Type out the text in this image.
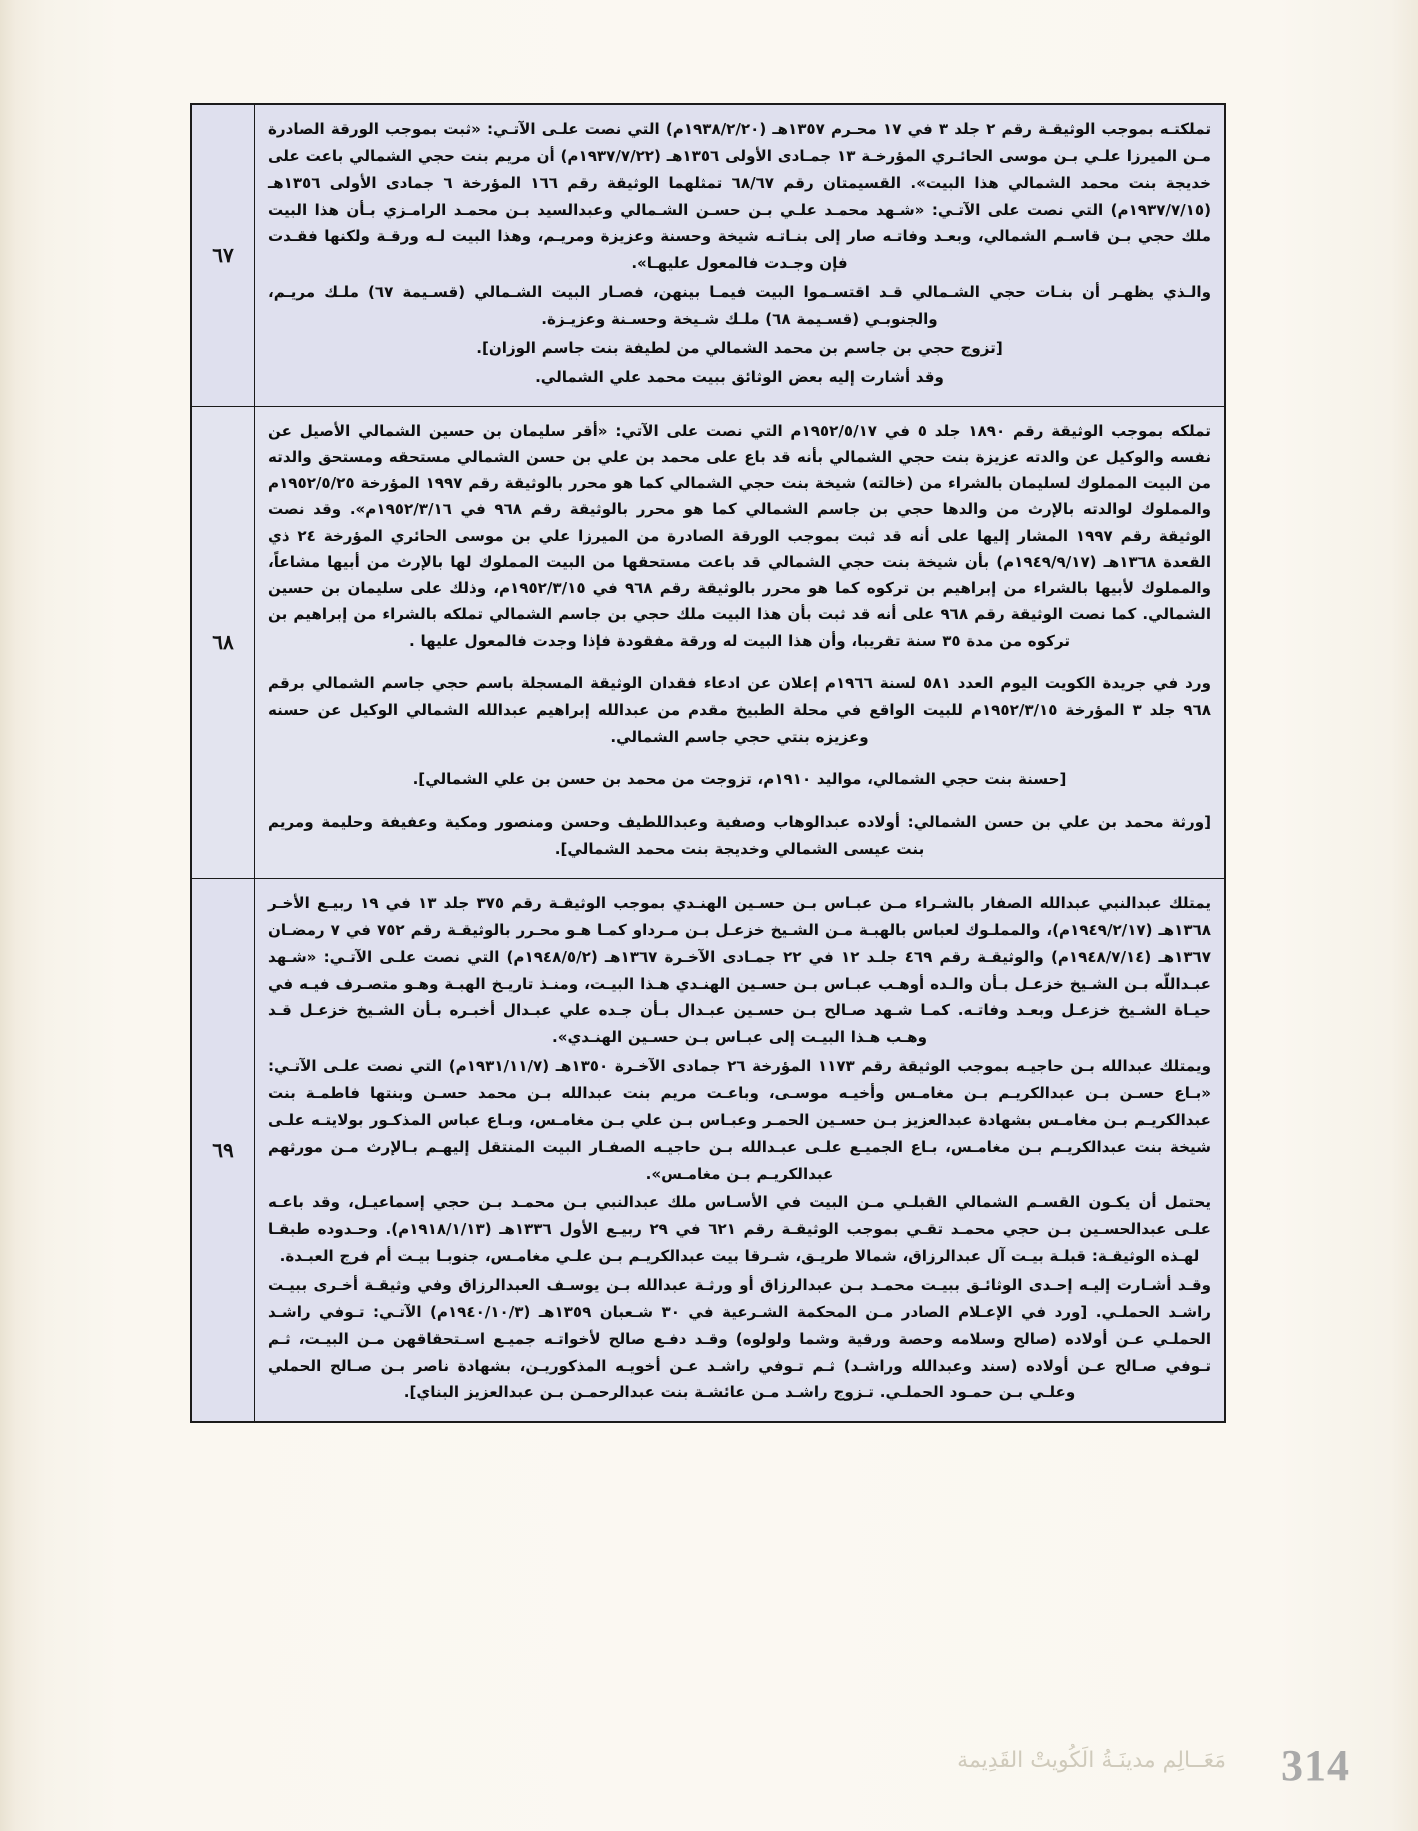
تملكتـه بموجب الوثيقـة رقم ٢ جلد ٣ في ١٧ محـرم ١٣٥٧هـ (١٩٣٨/٢/٢٠م) التي نصت علـى الآتـي: «ثبت بموجب الورقة الصادرة مـن الميرزا علـي بـن موسى الحائـري المؤرخـة ١٣ جمـادى الأولى ١٣٥٦هـ (١٩٣٧/٧/٢٢م) أن مريم بنت حجي الشمالي باعت على خديجة بنت محمد الشمالي هذا البيت». القسيمتان رقم ٦٨/٦٧ تمثلهما الوثيقة رقم ١٦٦ المؤرخة ٦ جمادى الأولى ١٣٥٦هـ (١٩٣٧/٧/١٥م) التي نصت على الآتـي: «شـهد محمـد علـي بـن حسـن الشـمالي وعبدالسيد بـن محمـد الرامـزي بـأن هذا البيت ملك حجي بـن قاسـم الشمالي، وبعـد وفاتـه صار إلى بنـاتـه شيخة وحسنة وعزيزة ومريـم، وهذا البيت لـه ورقـة ولكنها فقـدت فإن وجـدت فالمعول عليهـا».

والـذي يظهـر أن بنـات حجي الشـمالي قـد اقتسـموا البيت فيمـا بينهن، فصـار البيت الشـمالي (قسـيمة ٦٧) ملـك مريـم، والجنوبـي (قسـيمة ٦٨) ملـك شـيخة وحسـنة وعزيـزة.

[تزوج حجي بن جاسم بن محمد الشمالي من لطيفة بنت جاسم الوزان].

وقد أشارت إليه بعض الوثائق ببيت محمد علي الشمالي.	٦٧

تملكه بموجب الوثيقة رقم ١٨٩٠ جلد ٥ في ١٩٥٢/٥/١٧م التي نصت على الآتي: «أقر سليمان بن حسين الشمالي الأصيل عن نفسه والوكيل عن والدته عزيزة بنت حجي الشمالي بأنه قد باع على محمد بن علي بن حسن الشمالي مستحقه ومستحق والدته من البيت المملوك لسليمان بالشراء من (خالته) شيخة بنت حجي الشمالي كما هو محرر بالوثيقة رقم ١٩٩٧ المؤرخة ١٩٥٢/٥/٢٥م والمملوك لوالدته بالإرث من والدها حجي بن جاسم الشمالي كما هو محرر بالوثيقة رقم ٩٦٨ في ١٩٥٢/٣/١٦م». وقد نصت الوثيقة رقم ١٩٩٧ المشار إليها على أنه قد ثبت بموجب الورقة الصادرة من الميرزا علي بن موسى الحائري المؤرخة ٢٤ ذي القعدة ١٣٦٨هـ (١٩٤٩/٩/١٧م) بأن شيخة بنت حجي الشمالي قد باعت مستحقها من البيت المملوك لها بالإرث من أبيها مشاعاً، والمملوك لأبيها بالشراء من إبراهيم بن تركوه كما هو محرر بالوثيقة رقم ٩٦٨ في ١٩٥٢/٣/١٥م، وذلك على سليمان بن حسين الشمالي. كما نصت الوثيقة رقم ٩٦٨ على أنه قد ثبت بأن هذا البيت ملك حجي بن جاسم الشمالي تملكه بالشراء من إبراهيم بن تركوه من مدة ٣٥ سنة تقريبا، وأن هذا البيت له ورقة مفقودة فإذا وجدت فالمعول عليها .

ورد في جريدة الكويت اليوم العدد ٥٨١ لسنة ١٩٦٦م إعلان عن ادعاء فقدان الوثيقة المسجلة باسم حجي جاسم الشمالي برقم ٩٦٨ جلد ٣ المؤرخة ١٩٥٢/٣/١٥م للبيت الواقع في محلة الطبيخ مقدم من عبدالله إبراهيم عبدالله الشمالي الوكيل عن حسنه وعزيزه بنتي حجي جاسم الشمالي.

[حسنة بنت حجي الشمالي، مواليد ١٩١٠م، تزوجت من محمد بن حسن بن علي الشمالي].

[ورثة محمد بن علي بن حسن الشمالي: أولاده عبدالوهاب وصفية وعبداللطيف وحسن ومنصور ومكية وعفيفة وحليمة ومريم بنت عيسى الشمالي وخديجة بنت محمد الشمالي].	٦٨

يمتلك عبدالنبي عبدالله الصفار بالشـراء مـن عبـاس بـن حسـين الهنـدي بموجب الوثيقـة رقم ٣٧٥ جلد ١٣ في ١٩ ربيـع الأخـر ١٣٦٨هـ (١٩٤٩/٢/١٧م)، والمملـوك لعباس بالهبـة مـن الشـيخ خزعـل بـن مـرداو كمـا هـو محـرر بالوثيقـة رقم ٧٥٢ في ٧ رمضـان ١٣٦٧هـ (١٩٤٨/٧/١٤م) والوثيقـة رقم ٤٦٩ جلـد ١٢ في ٢٢ جمـادى الآخـرة ١٣٦٧هـ (١٩٤٨/٥/٢م) التي نصت علـى الآتـي: «شـهد عبـداللّه بـن الشـيخ خزعـل بـأن والـده أوهـب عبـاس بـن حسـين الهنـدي هـذا البيـت، ومنـذ تاريـخ الهبـة وهـو متصـرف فيـه في حيـاة الشـيخ خزعـل وبعـد وفاتـه. كمـا شـهد صـالح بـن حسـين عبـدال بـأن جـده علي عبـدال أخبـره بـأن الشـيخ خزعـل قـد وهـب هـذا البيـت إلى عبـاس بـن حسـين الهنـدي».

ويمتلك عبدالله بـن حاجيـه بموجب الوثيقة رقم ١١٧٣ المؤرخة ٢٦ جمادى الآخـرة ١٣٥٠هـ (١٩٣١/١١/٧م) التي نصت علـى الآتـي: «بـاع حسـن بـن عبدالكريـم بـن مغامـس وأخيـه موسـى، وباعـت مريم بنت عبدالله بـن محمد حسـن وبنتها فاطمـة بنت عبدالكريـم بـن مغامـس بشهادة عبدالعزيز بـن حسـين الحمـر وعبـاس بـن علي بـن مغامـس، وبـاع عباس المذكـور بولايتـه علـى شيخة بنت عبدالكريـم بـن مغامـس، بـاع الجميـع علـى عبـدالله بـن حاجيـه الصفـار البيت المنتقل إليهـم بـالإرث مـن مورثهم عبدالكريـم بـن مغامـس».

يحتمل أن يكـون القسـم الشمالي القبلـي مـن البيت في الأسـاس ملك عبدالنبي بـن محمـد بـن حجي إسماعيـل، وقد باعـه علـى عبدالحسـين بـن حجي محمـد تقـي بموجب الوثيقـة رقم ٦٢١ في ٢٩ ربيـع الأول ١٣٣٦هـ (١٩١٨/١/١٣م). وحـدوده طبقـا لهـذه الوثيقـة: قبلـة بيـت آل عبدالرزاق، شمالا طريـق، شـرقا بيت عبدالكريـم بـن علـي مغامـس، جنوبـا بيـت أم فرج العبـدة.

وقـد أشـارت إليـه إحـدى الوثائـق ببيـت محمـد بـن عبدالرزاق أو ورثـة عبدالله بـن يوسـف العبدالرزاق وفي وثيقـة أخـرى ببيـت راشـد الحملـي. [ورد في الإعـلام الصادر مـن المحكمة الشـرعية في ٣٠ شـعبان ١٣٥٩هـ (١٩٤٠/١٠/٣م) الآتـي: تـوفي راشـد الحملـي عـن أولاده (صالح وسلامه وحصة ورقية وشما ولولوه) وقـد دفـع صالح لأخواتـه جميـع اسـتحقاقهن مـن البيـت، ثـم تـوفي صـالح عـن أولاده (سند وعبدالله وراشـد) ثـم تـوفي راشـد عـن أخويـه المذكوريـن، بشهادة ناصر بـن صـالح الحملي وعلـي بـن حمـود الحملـي. تـزوج راشـد مـن عائشـة بنت عبدالرحمـن بـن عبدالعزيز البناي].	٦٩
مَعَــالِم مدينَـةُ الَكُويتْ القَدِيمة 314
